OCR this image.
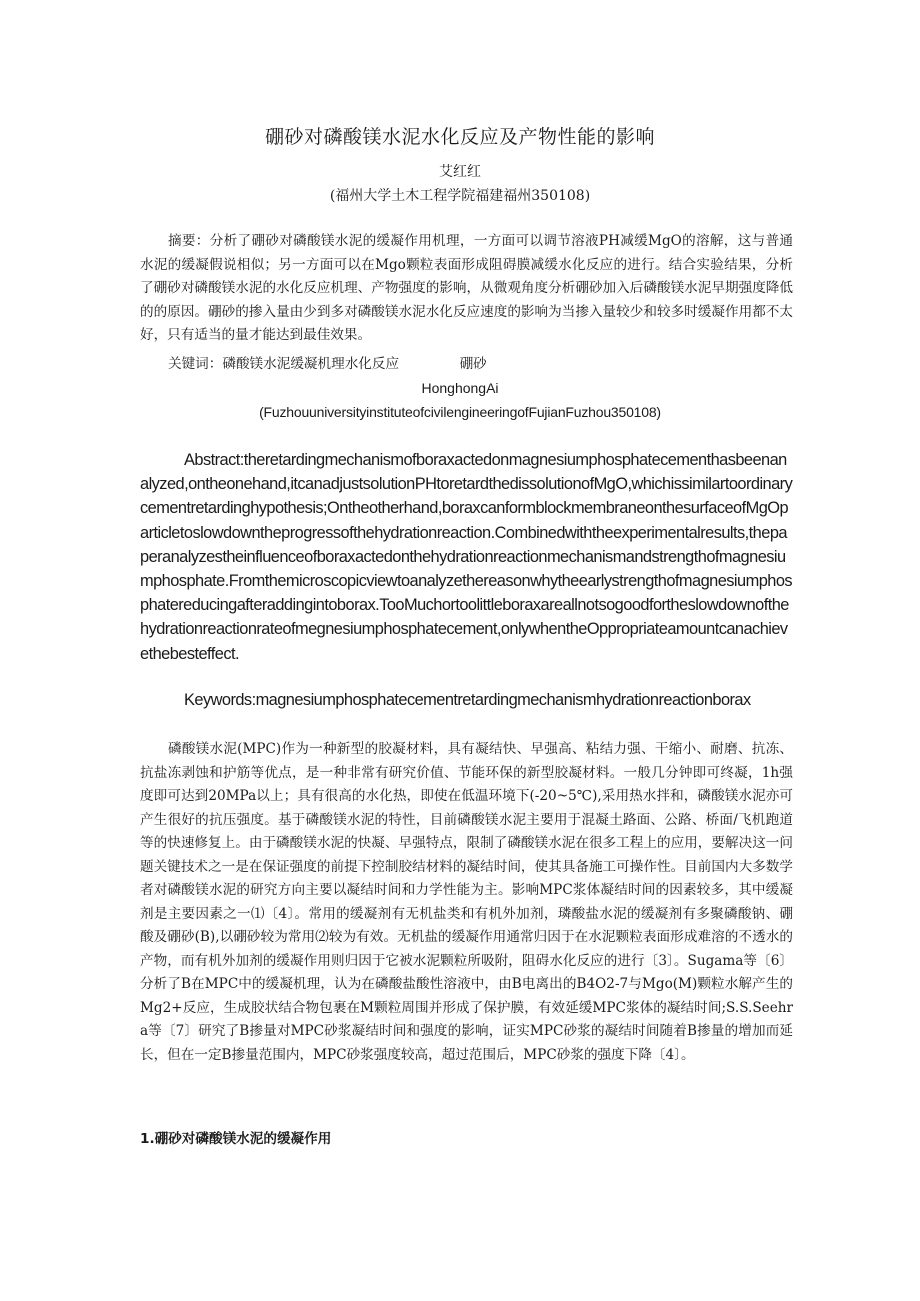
硼砂对磷酸镁水泥水化反应及产物性能的影响
艾红红
(福州大学土木工程学院福建福州350108)
摘要：分析了硼砂对磷酸镁水泥的缓凝作用机理，一方面可以调节溶液PH减缓MgO的溶解，这与普通水泥的缓凝假说相似；另一方面可以在Mgo颗粒表面形成阻碍膜减缓水化反应的进行。结合实验结果，分析了硼砂对磷酸镁水泥的水化反应机理、产物强度的影响，从微观角度分析硼砂加入后磷酸镁水泥早期强度降低的的原因。硼砂的掺入量由少到多对磷酸镁水泥水化反应速度的影响为当掺入量较少和较多时缓凝作用都不太好，只有适当的量才能达到最佳效果。
关键词：磷酸镁水泥缓凝机理水化反应              硼砂
HonghongAi
(FuzhouuniversityinstituteofcivilengineeringofFujianFuzhou350108)
Abstract:theretardingmechanismofboraxactedonmagnesiumphosphatecementhasbeenanalyzed,ontheonehand,itcanadjustsolutionPHtoretardthedissolutionofMgO,whichissimilartoordinarycementretardinghypothesis;Ontheotherhand,boraxcanformblockmembraneonthesurfaceofMgOparticletoslowdowntheprogressofthehydrationreaction.Combinedwiththeexperimentalresults,thepaperanalyzestheinfluenceofboraxactedonthehydrationreactionmechanismandstrengthofmagnesiumphosphate.Fromthemicroscopicviewtoanalyzethereasonwhytheearlystrengthofmagnesiumphosphatereducingafteraddingintoborax.TooMuchortoolittleboraxareallnotsogoodfortheslowdownofthehydrationreactionrateofmegnesiumphosphatecement,onlywhentheOppropriateamountcanachievethebesteffect.
Keywords:magnesiumphosphatecementretardingmechanismhydrationreactionborax
磷酸镁水泥(MPC)作为一种新型的胶凝材料，具有凝结快、早强高、粘结力强、干缩小、耐磨、抗冻、抗盐冻剥蚀和护筋等优点，是一种非常有研究价值、节能环保的新型胶凝材料。一般几分钟即可终凝，1h强度即可达到20MPa以上；具有很高的水化热，即使在低温环境下(-20~5℃),采用热水拌和，磷酸镁水泥亦可产生很好的抗压强度。基于磷酸镁水泥的特性，目前磷酸镁水泥主要用于混凝土路面、公路、桥面/飞机跑道等的快速修复上。由于磷酸镁水泥的快凝、早强特点，限制了磷酸镁水泥在很多工程上的应用，要解决这一问题关键技术之一是在保证强度的前提下控制胶结材料的凝结时间，使其具备施工可操作性。目前国内大多数学者对磷酸镁水泥的研究方向主要以凝结时间和力学性能为主。影响MPC浆体凝结时间的因素较多，其中缓凝剂是主要因素之一⑴〔4〕。常用的缓凝剂有无机盐类和有机外加剂，璘酸盐水泥的缓凝剂有多聚磷酸钠、硼酸及硼砂(B),以硼砂较为常用⑵较为有效。无机盐的缓凝作用通常归因于在水泥颗粒表面形成难溶的不透水的产物，而有机外加剂的缓凝作用则归因于它被水泥颗粒所吸附，阻碍水化反应的进行〔3〕。Sugama等〔6〕分析了B在MPC中的缓凝机理，认为在磷酸盐酸性溶液中，由B电离出的B4O2-7与Mgo(M)颗粒水解产生的Mg2+反应，生成胶状结合物包裹在M颗粒周围并形成了保护膜，有效延缓MPC浆体的凝结时间;S.S.Seehra等〔7〕研究了B掺量对MPC砂浆凝结时间和强度的影响，证实MPC砂浆的凝结时间随着B掺量的增加而延长，但在一定B掺量范围内，MPC砂浆强度较高，超过范围后，MPC砂浆的强度下降〔4〕。
1.硼砂对磷酸镁水泥的缓凝作用
